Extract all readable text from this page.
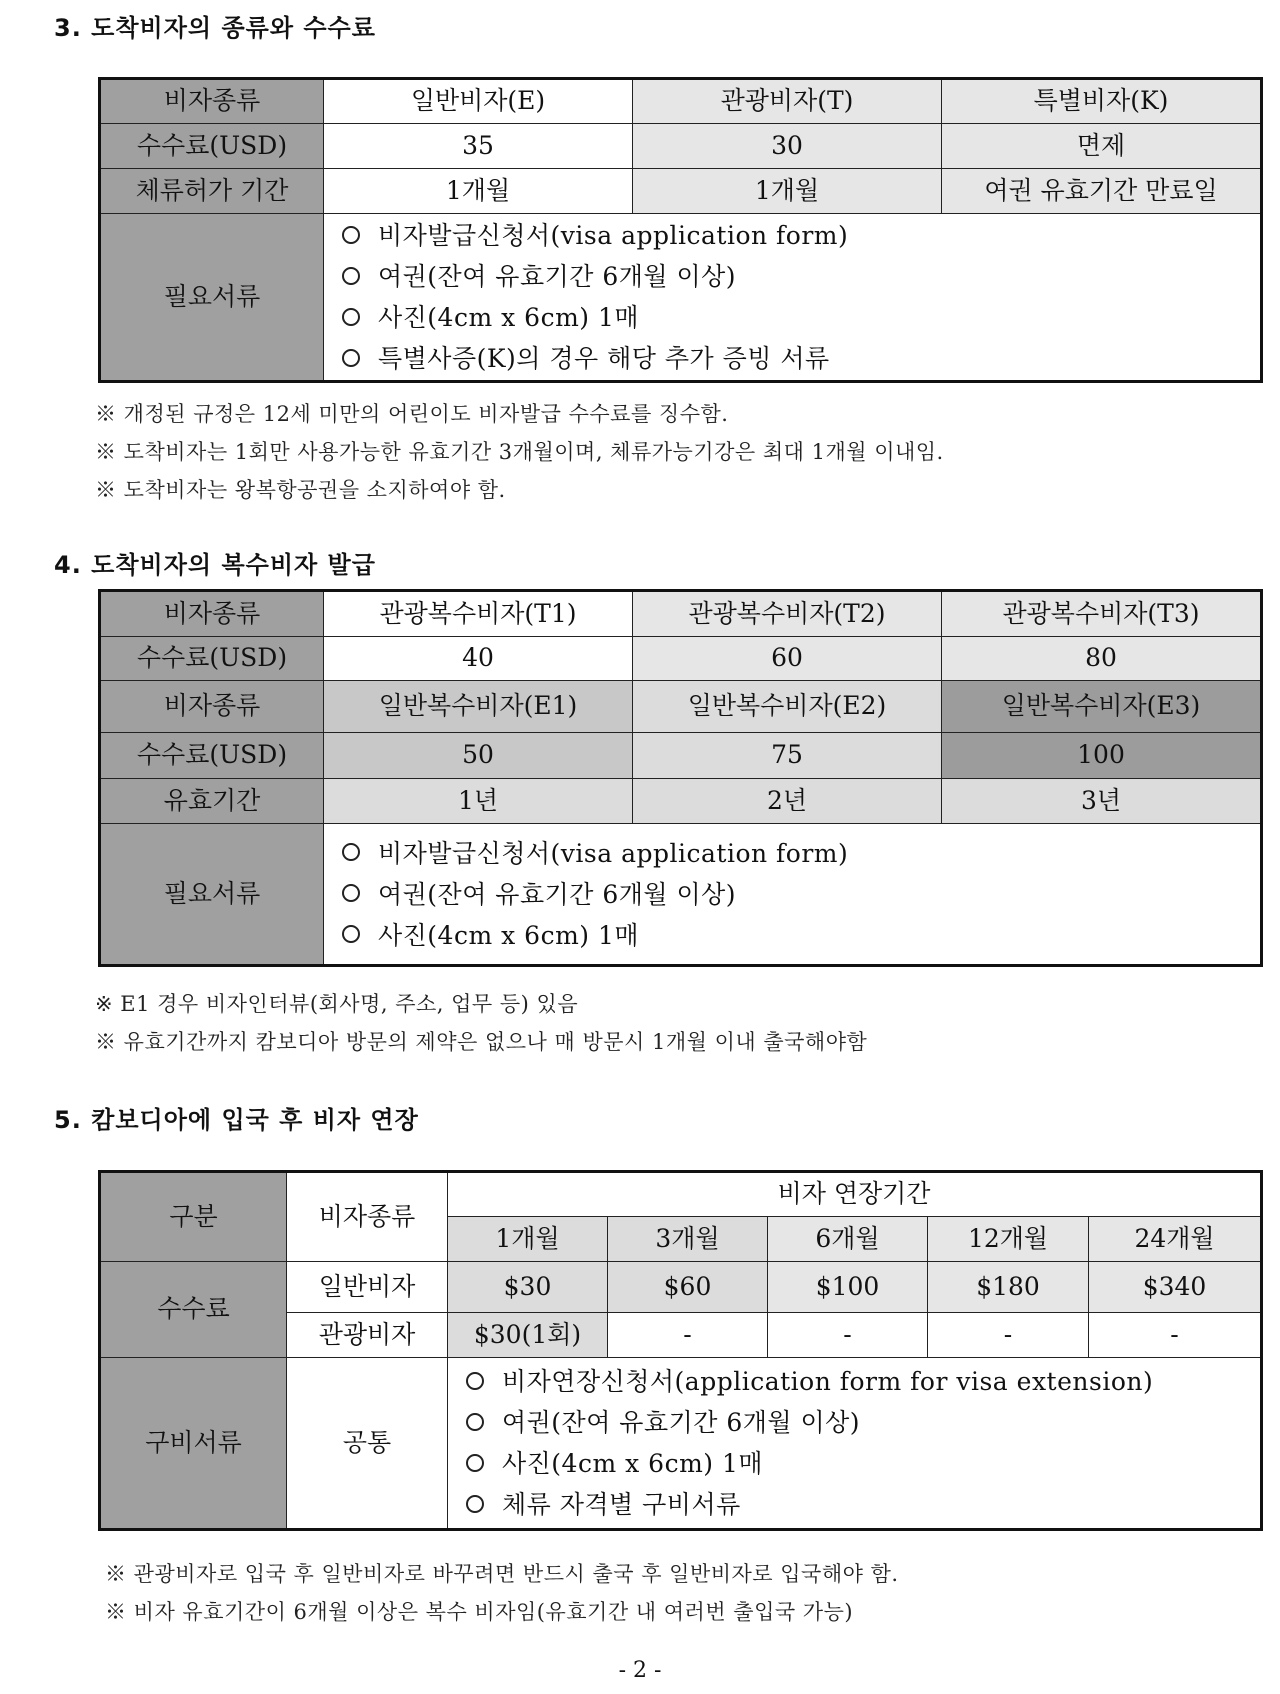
3. 도착비자의 종류와 수수료
비자종류	일반비자(E)	관광비자(T)	특별비자(K)
수수료(USD)	35	30	면제
체류허가 기간	1개월	1개월	여권 유효기간 만료일
필요서류	비자발급신청서(visa application form)
여권(잔여 유효기간 6개월 이상)
사진(4cm x 6cm) 1매
특별사증(K)의 경우 해당 추가 증빙 서류		
※ 개정된 규정은 12세 미만의 어린이도 비자발급 수수료를 징수함.
※ 도착비자는 1회만 사용가능한 유효기간 3개월이며, 체류가능기강은 최대 1개월 이내임.
※ 도착비자는 왕복항공권을 소지하여야 함.
4. 도착비자의 복수비자 발급
비자종류	관광복수비자(T1)	관광복수비자(T2)	관광복수비자(T3)
수수료(USD)	40	60	80
비자종류	일반복수비자(E1)	일반복수비자(E2)	일반복수비자(E3)
수수료(USD)	50	75	100
유효기간	1년	2년	3년
필요서류	비자발급신청서(visa application form)
여권(잔여 유효기간 6개월 이상)
사진(4cm x 6cm) 1매		
※ E1 경우 비자인터뷰(회사명, 주소, 업무 등) 있음
※ 유효기간까지 캄보디아 방문의 제약은 없으나 매 방문시 1개월 이내 출국해야함
5. 캄보디아에 입국 후 비자 연장
구분	비자종류	비자 연장기간				
		1개월	3개월	6개월	12개월	24개월
수수료	일반비자	$30	$60	$100	$180	$340
	관광비자	$30(1회)	-	-	-	-
구비서류	공통	비자연장신청서(application form for visa extension)
여권(잔여 유효기간 6개월 이상)
사진(4cm x 6cm) 1매
체류 자격별 구비서류				
※ 관광비자로 입국 후 일반비자로 바꾸려면 반드시 출국 후 일반비자로 입국해야 함.
※ 비자 유효기간이 6개월 이상은 복수 비자임(유효기간 내 여러번 출입국 가능)
- 2 -
